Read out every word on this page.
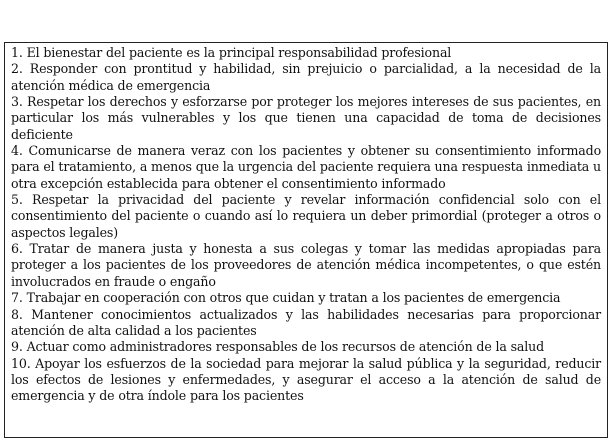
1. El bienestar del paciente es la principal responsabilidad profesional
2. Responder con prontitud y habilidad, sin prejuicio o parcialidad, a la necesidad de la atención médica de emergencia
3. Respetar los derechos y esforzarse por proteger los mejores intereses de sus pacientes, en particular los más vulnerables y los que tienen una capacidad de toma de decisiones deficiente
4. Comunicarse de manera veraz con los pacientes y obtener su consentimiento informado para el tratamiento, a menos que la urgencia del paciente requiera una respuesta inmediata u otra excepción establecida para obtener el consentimiento informado
5. Respetar la privacidad del paciente y revelar información confidencial solo con el consentimiento del paciente o cuando así lo requiera un deber primordial (proteger a otros o aspectos legales)
6. Tratar de manera justa y honesta a sus colegas y tomar las medidas apropiadas para proteger a los pacientes de los proveedores de atención médica incompetentes, o que estén involucrados en fraude o engaño
7. Trabajar en cooperación con otros que cuidan y tratan a los pacientes de emergencia
8. Mantener conocimientos actualizados y las habilidades necesarias para proporcionar atención de alta calidad a los pacientes
9. Actuar como administradores responsables de los recursos de atención de la salud
10. Apoyar los esfuerzos de la sociedad para mejorar la salud pública y la seguridad, reducir los efectos de lesiones y enfermedades, y asegurar el acceso a la atención de salud de emergencia y de otra índole para los pacientes
